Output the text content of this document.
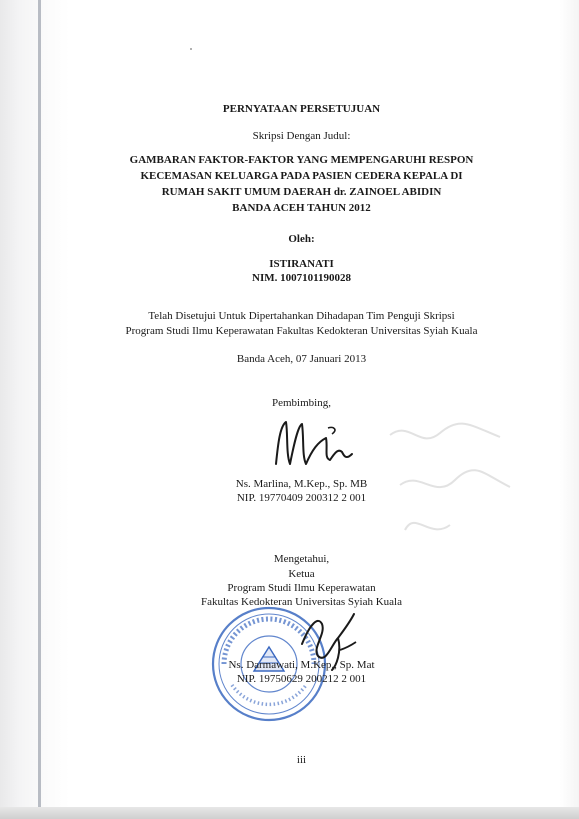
PERNYATAAN PERSETUJUAN
Skripsi Dengan Judul:
GAMBARAN FAKTOR-FAKTOR YANG MEMPENGARUHI RESPON
KECEMASAN KELUARGA PADA PASIEN CEDERA KEPALA DI
RUMAH SAKIT UMUM DAERAH dr. ZAINOEL ABIDIN
BANDA ACEH TAHUN 2012
Oleh:
ISTIRANATI
NIM. 1007101190028
Telah Disetujui Untuk Dipertahankan Dihadapan Tim Penguji Skripsi
Program Studi Ilmu Keperawatan Fakultas Kedokteran Universitas Syiah Kuala
Banda Aceh, 07 Januari 2013
Pembimbing,
Ns. Marlina, M.Kep., Sp. MB
NIP. 19770409 200312 2 001
Mengetahui,
Ketua
Program Studi Ilmu Keperawatan
Fakultas Kedokteran Universitas Syiah Kuala
Ns. Darmawati, M.Kep., Sp. Mat
NIP. 19750629 200212 2 001
iii
